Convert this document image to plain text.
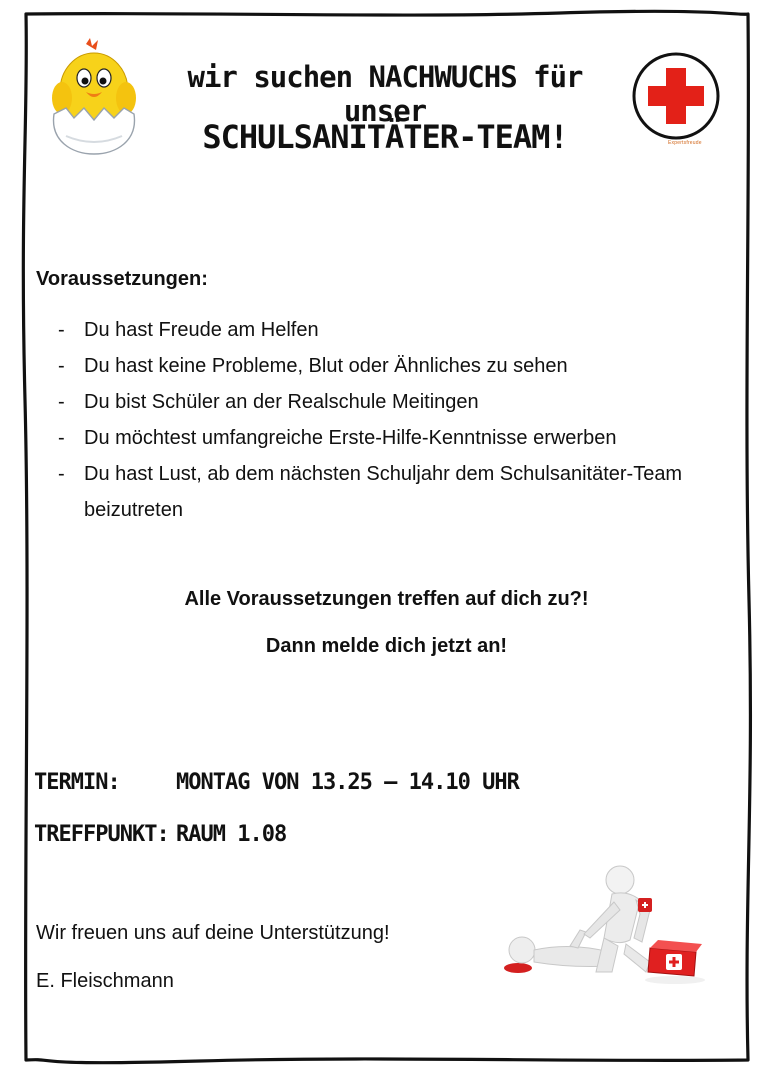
Expertsfreude
wir suchen NACHWUCHS für unser
SCHULSANITÄTER-TEAM!
Voraussetzungen:
- Du hast Freude am Helfen
- Du hast keine Probleme, Blut oder Ähnliches zu sehen
- Du bist Schüler an der Realschule Meitingen
- Du möchtest umfangreiche Erste-Hilfe-Kenntnisse erwerben
- Du hast Lust, ab dem nächsten Schuljahr dem Schulsanitäter-Team beizutreten
Alle Voraussetzungen treffen auf dich zu?!
Dann melde dich jetzt an!
TERMIN:	MONTAG VON 13.25 – 14.10 UHR
TREFFPUNKT: RAUM 1.08
Wir freuen uns auf deine Unterstützung!
E. Fleischmann
